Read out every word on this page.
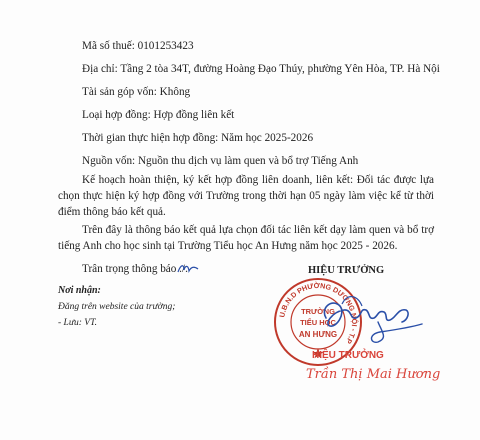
Mã số thuế: 0101253423
Địa chỉ: Tầng 2 tòa 34T, đường Hoàng Đạo Thúy, phường Yên Hòa, TP. Hà Nội
Tài sản góp vốn: Không
Loại hợp đồng: Hợp đồng liên kết
Thời gian thực hiện hợp đồng: Năm học 2025-2026
Nguồn vốn: Nguồn thu dịch vụ làm quen và bổ trợ Tiếng Anh
Kế hoạch hoàn thiện, ký kết hợp đồng liên doanh, liên kết: Đối tác được lựa chọn thực hiện ký hợp đồng với Trường trong thời hạn 05 ngày làm việc kể từ thời điểm thông báo kết quả.
Trên đây là thông báo kết quả lựa chọn đối tác liên kết dạy làm quen và bổ trợ tiếng Anh cho học sinh tại Trường Tiểu học An Hưng năm học 2025 - 2026.
Trân trọng thông báo ./.
Nơi nhận:
Đăng trên website của trường;
- Lưu: VT.
HIỆU TRƯỞNG
U.B.N.D PHƯỜNG DƯƠNG NỘI - T.P
TRƯỜNG
TIỂU HỌC
AN HƯNG
HIỆU TRƯỞNG
Trần Thị Mai Hương
